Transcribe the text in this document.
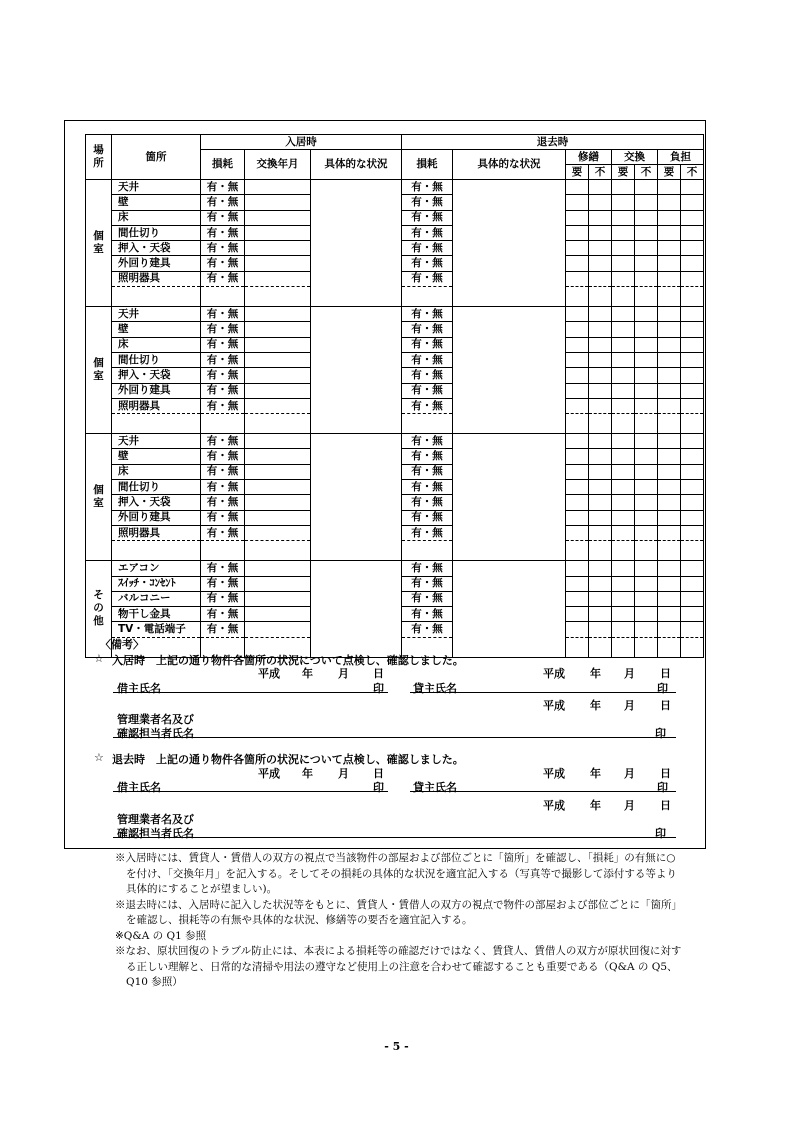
場所	箇所	入居時			退去時							
		損耗	交換年月	具体的な状況	損耗	具体的な状況	修繕		交換		負担	
							要	不	要	不	要	不
個室	天井	有・無			有・無							
	壁	有・無			有・無							
	床	有・無			有・無							
	間仕切り	有・無			有・無							
	押入・天袋	有・無			有・無							
	外回り建具	有・無			有・無							
	照明器具	有・無			有・無							

個室	天井	有・無			有・無							
	壁	有・無			有・無							
	床	有・無			有・無							
	間仕切り	有・無			有・無							
	押入・天袋	有・無			有・無							
	外回り建具	有・無			有・無							
	照明器具	有・無			有・無							

個室	天井	有・無			有・無							
	壁	有・無			有・無							
	床	有・無			有・無							
	間仕切り	有・無			有・無							
	押入・天袋	有・無			有・無							
	外回り建具	有・無			有・無							
	照明器具	有・無			有・無							

その他	エアコン	有・無			有・無							
	ｽｲｯﾁ・ｺﾝｾﾝﾄ	有・無			有・無							
	バルコニー	有・無			有・無							
	物干し金具	有・無			有・無							
	TV・電話端子	有・無			有・無							

〈備考〉
☆ 入居時　上記の通り物件各箇所の状況について点検し、確認しました。
平成 年 月 日	平成 年 月 日
借主氏名	印	貸主氏名	印
平成 年 月 日
管理業者名及び
確認担当者氏名	印
☆ 退去時　上記の通り物件各箇所の状況について点検し、確認しました。
平成 年 月 日	平成 年 月 日
借主氏名	印	貸主氏名	印
平成 年 月 日
管理業者名及び
確認担当者氏名	印

※入居時には、賃貸人・賃借人の双方の視点で当該物件の部屋および部位ごとに「箇所」を確認し、「損耗」の有無に○を付け、「交換年月」を記入する。そしてその損耗の具体的な状況を適宜記入する（写真等で撮影して添付する等より具体的にすることが望ましい)。

※退去時には、入居時に記入した状況等をもとに、賃貸人・賃借人の双方の視点で物件の部屋および部位ごとに「箇所」を確認し、損耗等の有無や具体的な状況、修繕等の要否を適宜記入する。

※Q&A の Q1 参照

※なお、原状回復のトラブル防止には、本表による損耗等の確認だけではなく、賃貸人、賃借人の双方が原状回復に対する正しい理解と、日常的な清掃や用法の遵守など使用上の注意を合わせて確認することも重要である（Q&A の Q5、Q10 参照）

- 5 -
